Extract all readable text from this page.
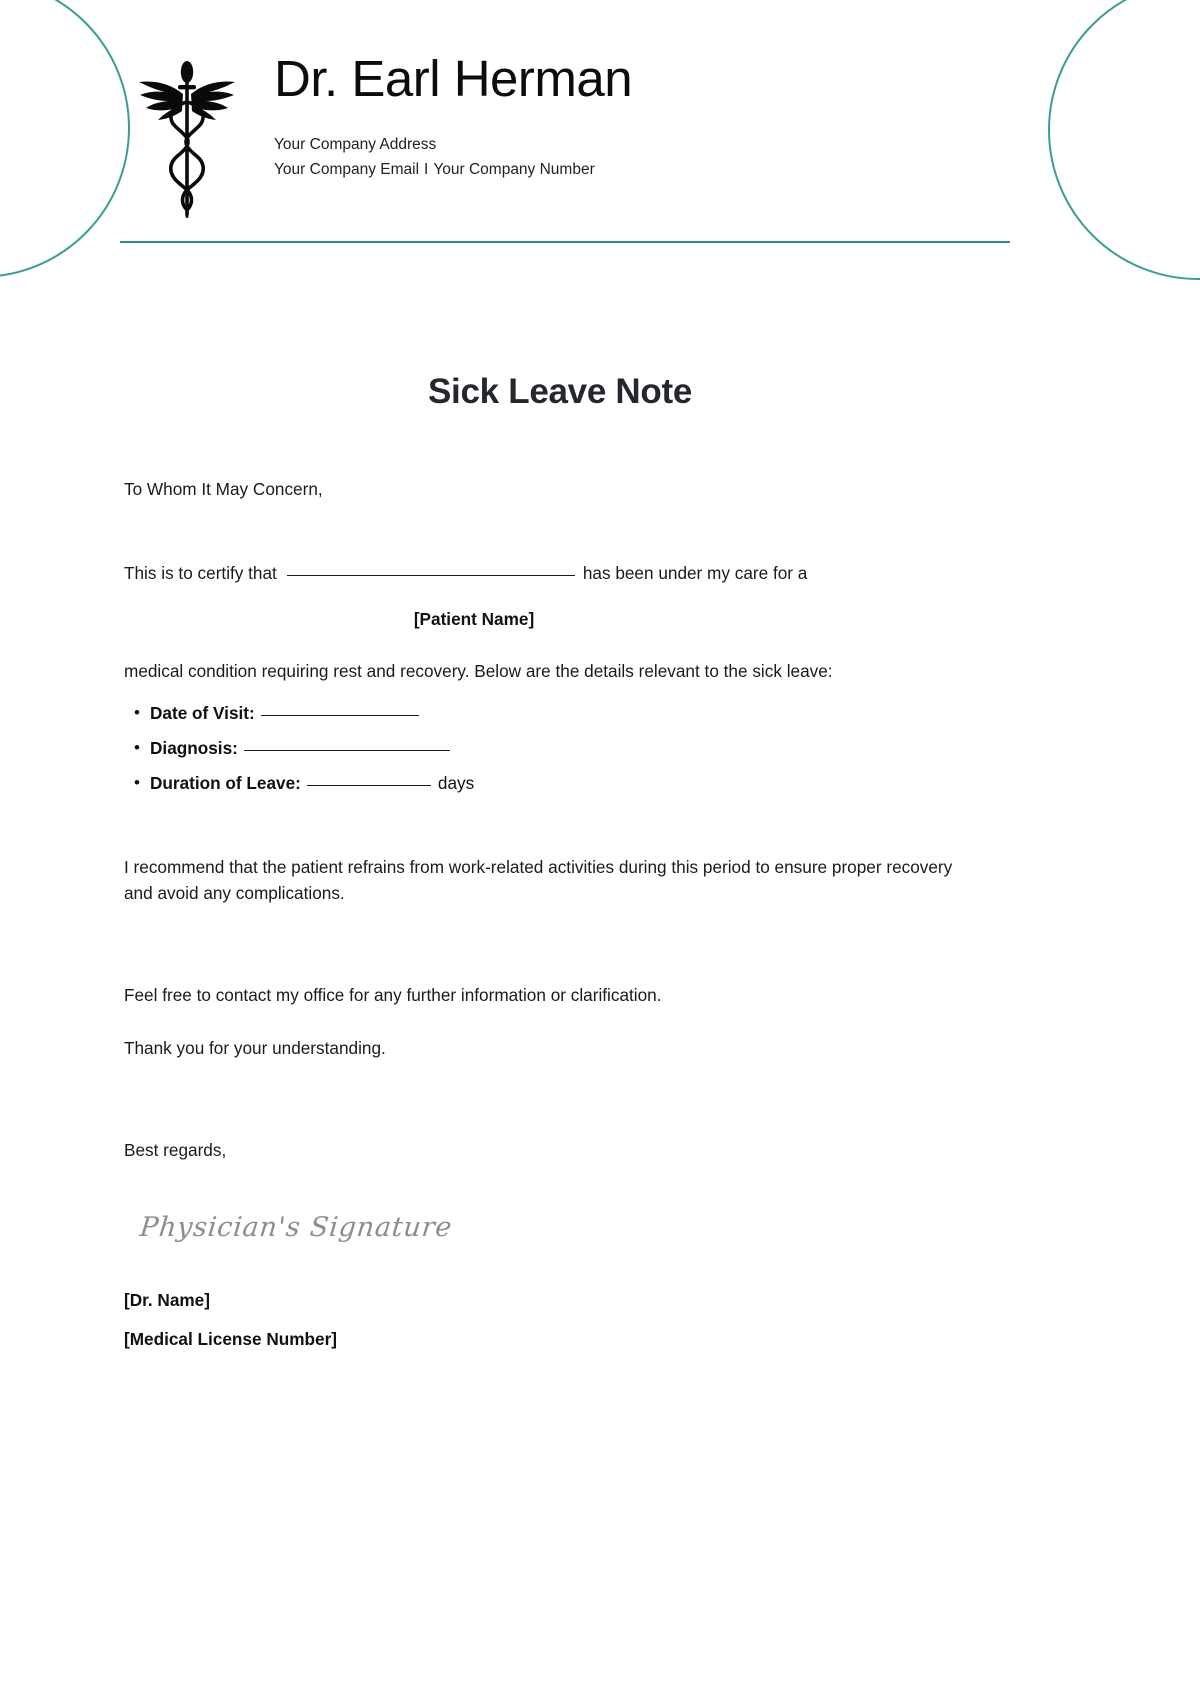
Dr. Earl Herman
Your Company Address
Your Company Email I Your Company Number
Sick Leave Note

To Whom It May Concern,

This is to certify that	has been under my care for a

[Patient Name]

medical condition requiring rest and recovery. Below are the details relevant to the sick leave:

• Date of Visit:
• Diagnosis:
• Duration of Leave:	days

I recommend that the patient refrains from work-related activities during this period to ensure proper recovery and avoid any complications.

Feel free to contact my office for any further information or clarification.

Thank you for your understanding.

Best regards,

Physician's Signature
[Dr. Name]
[Medical License Number]
